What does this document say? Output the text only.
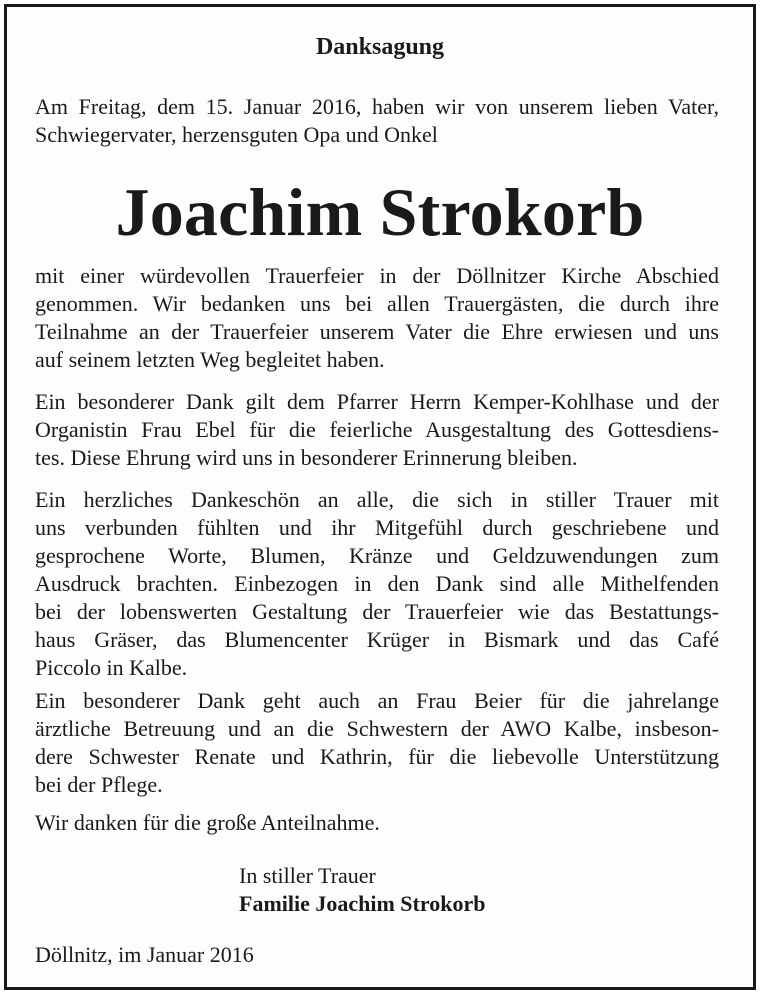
Danksagung

Am Freitag, dem 15. Januar 2016, haben wir von unserem lieben Vater,
Schwiegervater, herzensguten Opa und Onkel

Joachim Strokorb

mit einer würdevollen Trauerfeier in der Döllnitzer Kirche Abschied
genommen. Wir bedanken uns bei allen Trauergästen, die durch ihre
Teilnahme an der Trauerfeier unserem Vater die Ehre erwiesen und uns
auf seinem letzten Weg begleitet haben.

Ein besonderer Dank gilt dem Pfarrer Herrn Kemper-Kohlhase und der
Organistin Frau Ebel für die feierliche Ausgestaltung des Gottesdiens-
tes. Diese Ehrung wird uns in besonderer Erinnerung bleiben.

Ein herzliches Dankeschön an alle, die sich in stiller Trauer mit
uns verbunden fühlten und ihr Mitgefühl durch geschriebene und
gesprochene Worte, Blumen, Kränze und Geldzuwendungen zum
Ausdruck brachten. Einbezogen in den Dank sind alle Mithelfenden
bei der lobenswerten Gestaltung der Trauerfeier wie das Bestattungs-
haus Gräser, das Blumencenter Krüger in Bismark und das Café
Piccolo in Kalbe.

Ein besonderer Dank geht auch an Frau Beier für die jahrelange
ärztliche Betreuung und an die Schwestern der AWO Kalbe, insbeson-
dere Schwester Renate und Kathrin, für die liebevolle Unterstützung
bei der Pflege.

Wir danken für die große Anteilnahme.

In stiller Trauer
Familie Joachim Strokorb
Döllnitz, im Januar 2016
